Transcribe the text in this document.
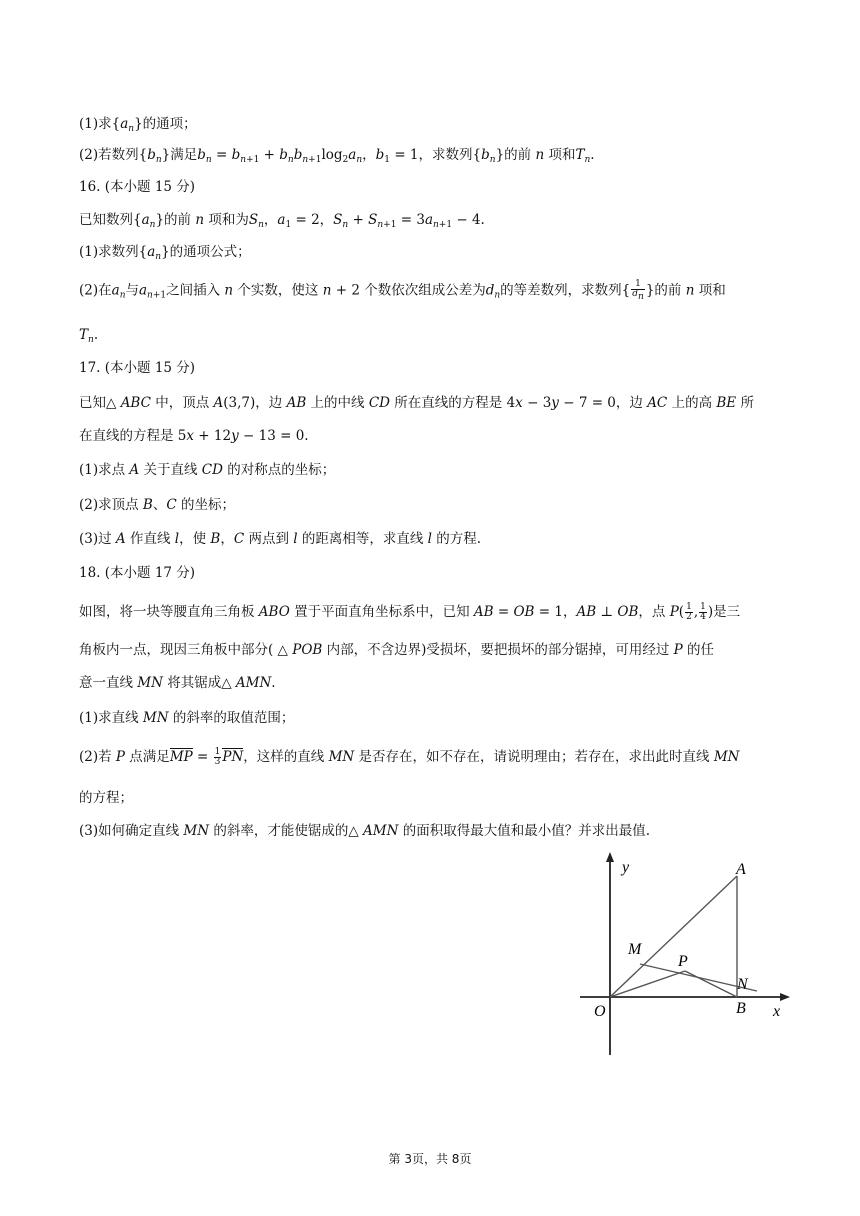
(1)求$\{a_n\}$的通项；
(2)若数列$\{b_n\}$满足$b_n = b_{n+1} + b_nb_{n+1}\log_2a_n$，$b_1 = 1$，求数列$\{b_n\}$的前 n 项和$T_n$.
16. (本小题 15 分)
已知数列$\{a_n\}$的前 n 项和为$S_n$，$a_1 = 2$，$S_n + S_{n+1} = 3a_{n+1} - 4$.
(1)求数列$\{a_n\}$的通项公式；
(2)在$a_n$与$a_{n+1}$之间插入 n 个实数，使这 n + 2 个数依次组成公差为$d_n$的等差数列，求数列{ $\frac{1}{d_n}$ }的前 n 项和
$T_n$.
17. (本小题 15 分)
已知△ ABC 中，顶点 A(3,7)，边 AB 上的中线 CD 所在直线的方程是 4x − 3y − 7 = 0，边 AC 上的高 BE 所
在直线的方程是 5x + 12y − 13 = 0.
(1)求点 A 关于直线 CD 的对称点的坐标；
(2)求顶点 B、C 的坐标；
(3)过 A 作直线 l，使 B，C 两点到 l 的距离相等，求直线 l 的方程.
18. (本小题 17 分)
如图，将一块等腰直角三角板 ABO 置于平面直角坐标系中，已知 AB = OB = 1，AB ⊥ OB，点 $P( \frac{1}{2}$ , $\frac{1}{4}$ )是三
角板内一点，现因三角板中部分( △ POB 内部，不含边界)受损坏，要把损坏的部分锯掉，可用经过 P 的任
意一直线 MN 将其锯成△ AMN.
(1)求直线 MN 的斜率的取值范围；
(2)若 P 点满足MP = $\frac{1}{3}$ PN，这样的直线 MN 是否存在，如不存在，请说明理由；若存在，求出此时直线 MN
的方程；
(3)如何确定直线 MN 的斜率，才能使锯成的△ AMN 的面积取得最大值和最小值？并求出最值.
y	A
M
P
N
O	B x
第 3页，共 8页
